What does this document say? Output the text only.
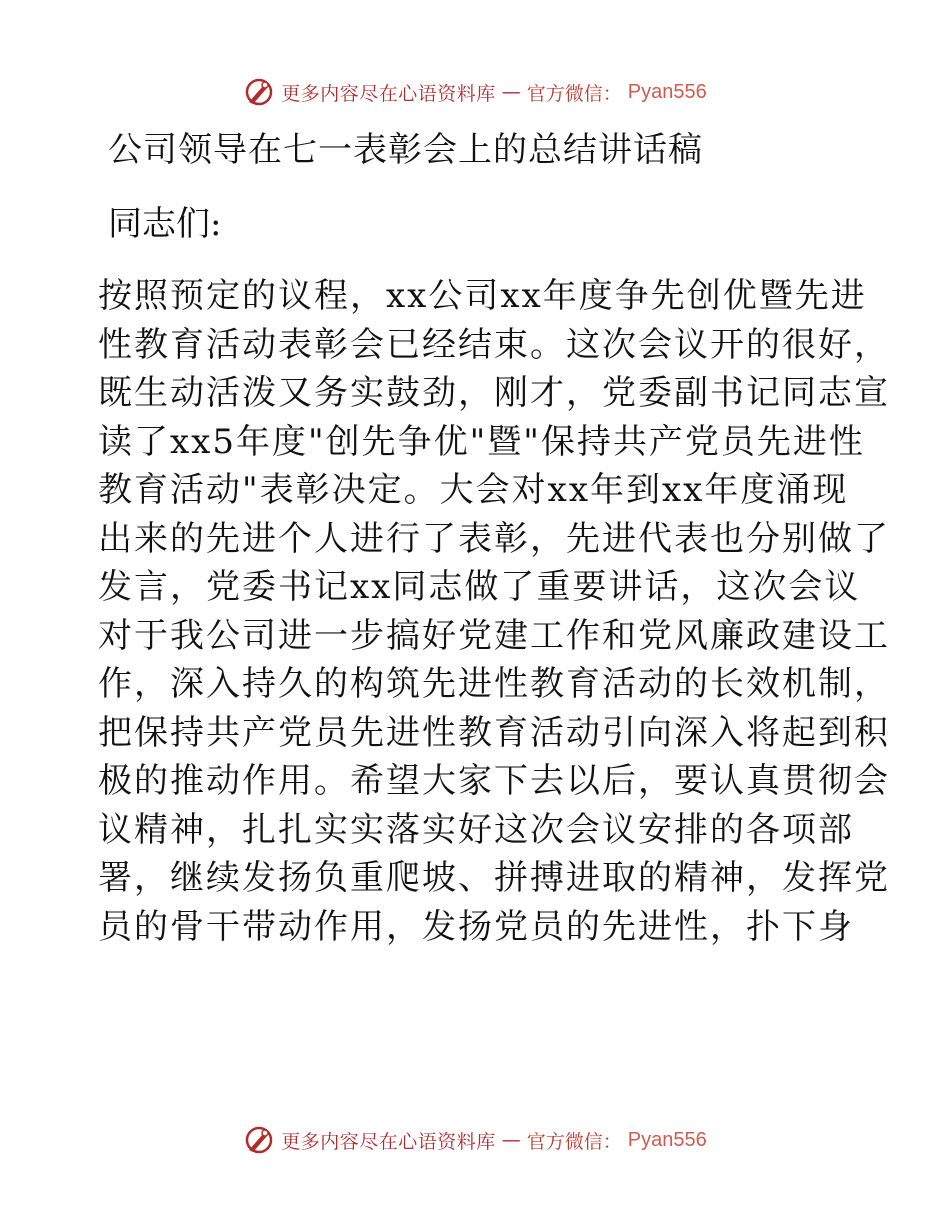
更多内容尽在心语资料库 — 官方微信： Pyan556
公司领导在七一表彰会上的总结讲话稿

同志们:

按照预定的议程，xx公司xx年度争先创优暨先进
性教育活动表彰会已经结束。这次会议开的很好，
既生动活泼又务实鼓劲，刚才，党委副书记同志宣
读了xx5年度"创先争优"暨"保持共产党员先进性
教育活动"表彰决定。大会对xx年到xx年度涌现
出来的先进个人进行了表彰，先进代表也分别做了
发言，党委书记xx同志做了重要讲话，这次会议
对于我公司进一步搞好党建工作和党风廉政建设工
作，深入持久的构筑先进性教育活动的长效机制，
把保持共产党员先进性教育活动引向深入将起到积
极的推动作用。希望大家下去以后，要认真贯彻会
议精神，扎扎实实落实好这次会议安排的各项部
署，继续发扬负重爬坡、拼搏进取的精神，发挥党
员的骨干带动作用，发扬党员的先进性，扑下身
更多内容尽在心语资料库 — 官方微信： Pyan556
